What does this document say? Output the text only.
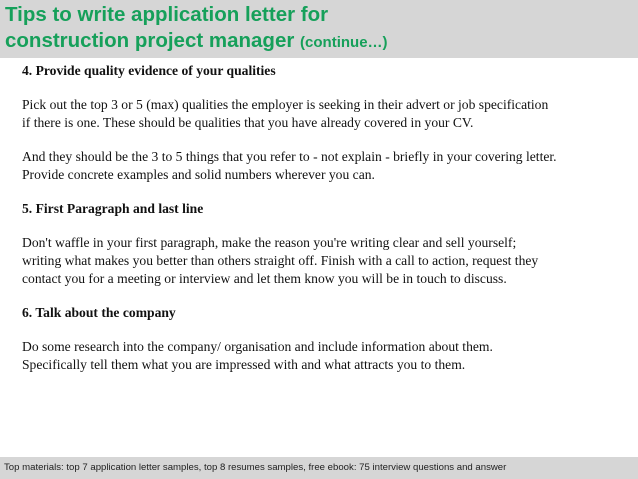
Tips to write application letter for
construction project manager (continue…)

4. Provide quality evidence of your qualities

Pick out the top 3 or 5 (max) qualities the employer is seeking in their advert or job specification

if there is one. These should be qualities that you have already covered in your CV.

And they should be the 3 to 5 things that you refer to - not explain - briefly in your covering letter.

Provide concrete examples and solid numbers wherever you can.

5. First Paragraph and last line

Don't waffle in your first paragraph, make the reason you're writing clear and sell yourself;

writing what makes you better than others straight off. Finish with a call to action, request they

contact you for a meeting or interview and let them know you will be in touch to discuss.

6. Talk about the company

Do some research into the company/ organisation and include information about them.

Specifically tell them what you are impressed with and what attracts you to them.

Top materials: top 7 application letter samples, top 8 resumes samples, free ebook: 75 interview questions and answer
